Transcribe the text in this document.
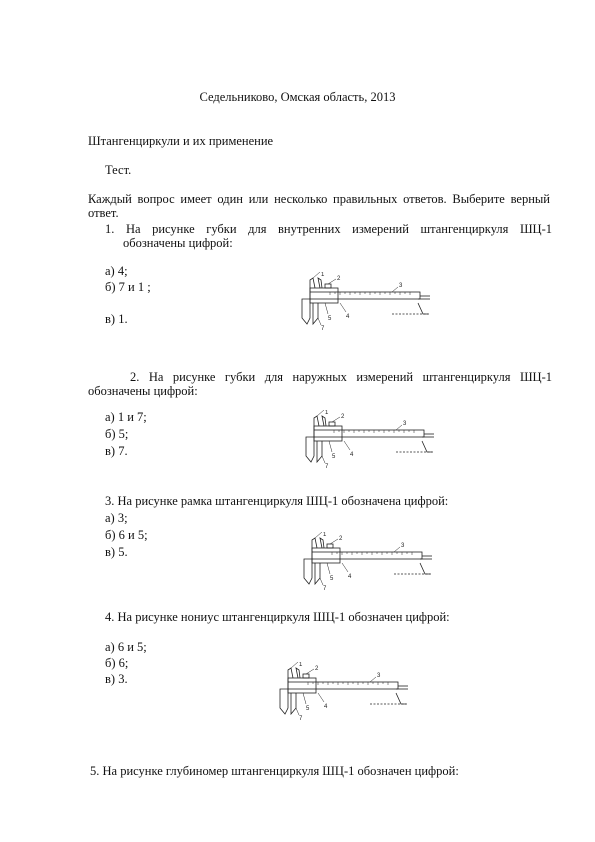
Седельниково, Омская область, 2013
Штангенциркули и их применение
Тест.
Каждый вопрос имеет один или несколько правильных ответов. Выберите верный
ответ.
1. На рисунке губки для внутренних измерений штангенциркуля ШЦ-1
обозначены цифрой:
а) 4;
б) 7 и 1 ;
в) 1.
2. На рисунке губки для наружных измерений штангенциркуля ШЦ-1
обозначены цифрой:
а) 1 и 7;
б) 5;
в) 7.
3. На рисунке рамка штангенциркуля ШЦ-1 обозначена цифрой:
а) 3;
б) 6 и 5;
в) 5.
4. На рисунке нониус штангенциркуля ШЦ-1 обозначен цифрой:
а) 6 и 5;
б) 6;
в) 3.
5. На рисунке глубиномер штангенциркуля ШЦ-1 обозначен цифрой:
1
2
3
4
5
7
1
2
3
4
5
7
1
2
3
4
5
7
1
2
3
4
5
7
